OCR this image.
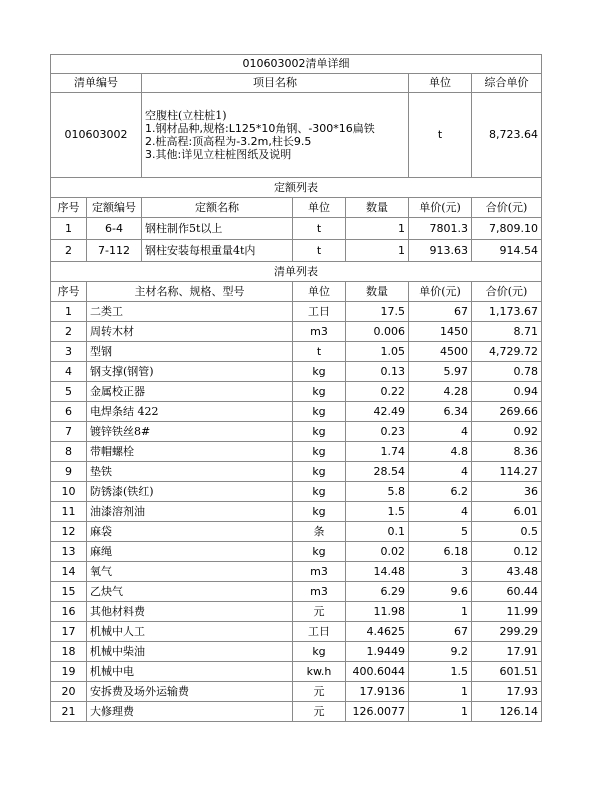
010603002清单详细						
清单编号		项目名称			单位	综合单价
010603002		空腹柱(立柱桩1)
1.钢材品种,规格:L125*10角钢、-300*16扁铁
2.桩高程:顶高程为-3.2m,柱长9.5
3.其他:详见立柱桩图纸及说明			t	8,723.64
定额列表						
序号	定额编号	定额名称	单位	数量	单价(元)	合价(元)
1	6-4	钢柱制作5t以上	t	1	7801.3	7,809.10
2	7-112	钢柱安装每根重量4t内	t	1	913.63	914.54
清单列表						
序号	主材名称、规格、型号		单位	数量	单价(元)	合价(元)
1	二类工		工日	17.5	67	1,173.67
2	周转木材		m3	0.006	1450	8.71
3	型钢		t	1.05	4500	4,729.72
4	钢支撑(钢管)		kg	0.13	5.97	0.78
5	金属校正器		kg	0.22	4.28	0.94
6	电焊条结 422		kg	42.49	6.34	269.66
7	镀锌铁丝8#		kg	0.23	4	0.92
8	带帽螺栓		kg	1.74	4.8	8.36
9	垫铁		kg	28.54	4	114.27
10	防锈漆(铁红)		kg	5.8	6.2	36
11	油漆溶剂油		kg	1.5	4	6.01
12	麻袋		条	0.1	5	0.5
13	麻绳		kg	0.02	6.18	0.12
14	氧气		m3	14.48	3	43.48
15	乙炔气		m3	6.29	9.6	60.44
16	其他材料费		元	11.98	1	11.99
17	机械中人工		工日	4.4625	67	299.29
18	机械中柴油		kg	1.9449	9.2	17.91
19	机械中电		kw.h	400.6044	1.5	601.51
20	安拆费及场外运输费		元	17.9136	1	17.93
21	大修理费		元	126.0077	1	126.14
